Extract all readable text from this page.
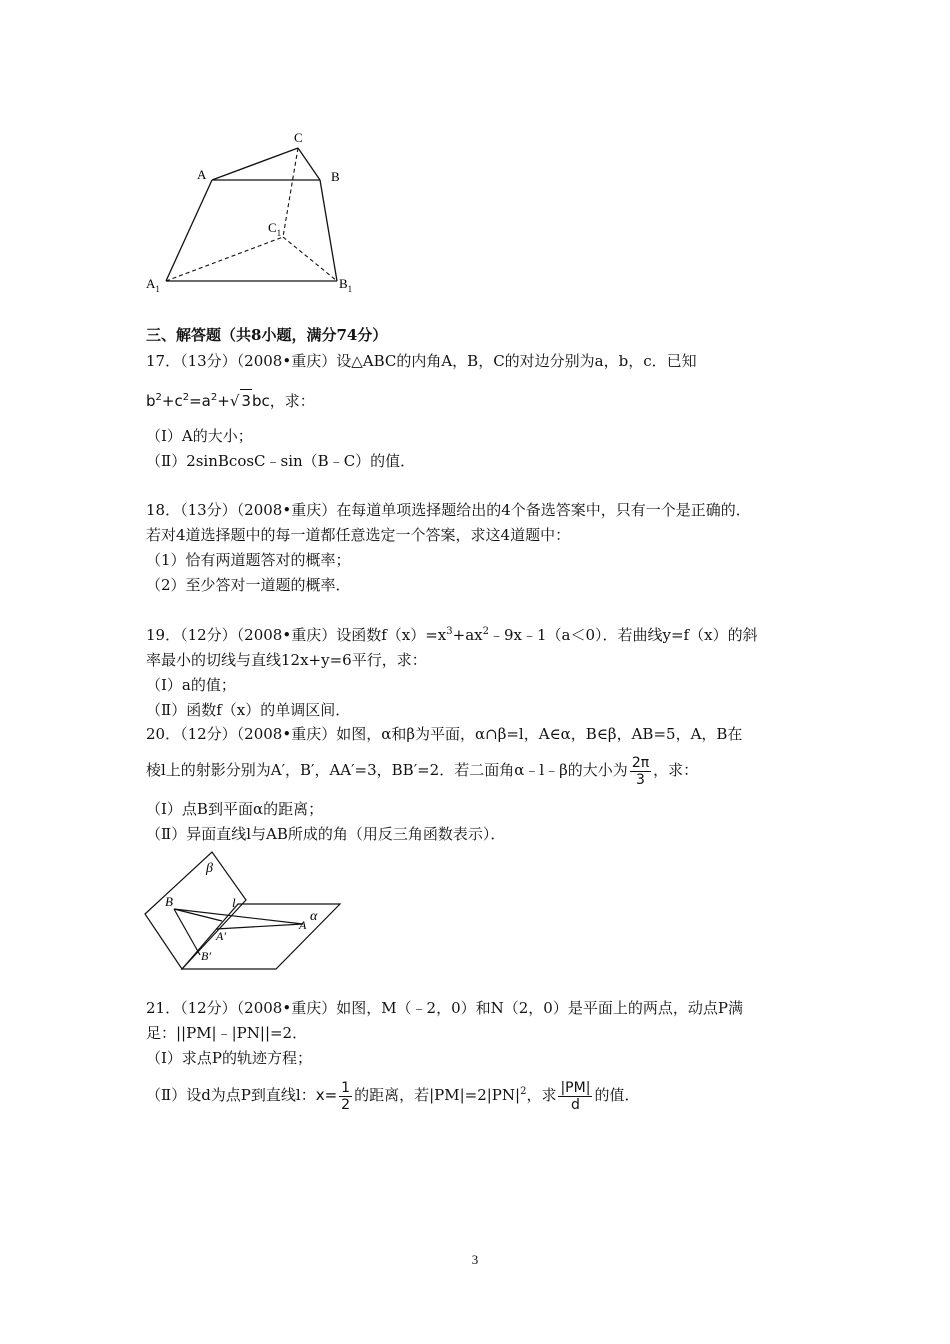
C
A	B
$C_1$
$A_1$	$B_1$
三、解答题（共8小题，满分74分）
17．（13分）（2008•重庆）设△ABC的内角A，B，C的对边分别为a，b，c．已知
$b^2+c^2=a^2+√$ 3bc，求：
（Ⅰ）A的大小；
（Ⅱ）2sinBcosC﹣sin（B﹣C）的值．
18．（13分）（2008•重庆）在每道单项选择题给出的4个备选答案中，只有一个是正确的．
若对4道选择题中的每一道都任意选定一个答案，求这4道题中：
（1）恰有两道题答对的概率；
（2）至少答对一道题的概率．
19．（12分）（2008•重庆）设函数$f(x)=x^3+ax^2﹣9x﹣1(a<0)$．若曲线y=f（x）的斜
率最小的切线与直线12x+y=6平行，求：
（Ⅰ）a的值；
（Ⅱ）函数f（x）的单调区间．
20．（12分）（2008•重庆）如图，α和β为平面，α∩β=l，A∈α，B∈β，AB=5，A，B在
棱l上的射影分别为A′，B′，AA′=3，BB′=2．若二面角α﹣l﹣β的大小为 $\frac{2\pi}{3}$ ，求：
（Ⅰ）点B到平面α的距离；
（Ⅱ）异面直线l与AB所成的角（用反三角函数表示）．
β
α
B	l
A′
A
B′
21．（12分）（2008•重庆）如图，M（﹣2，0）和N（2，0）是平面上的两点，动点P满
足：||PM|﹣|PN||=2．
（Ⅰ）求点P的轨迹方程；
（Ⅱ）设d为点P到直线l：$x= \frac{1}{2}$ 的距离，若$|PM|=2|PN|^2$，求 $\frac{|PM|}{d}$ 的值．
3
